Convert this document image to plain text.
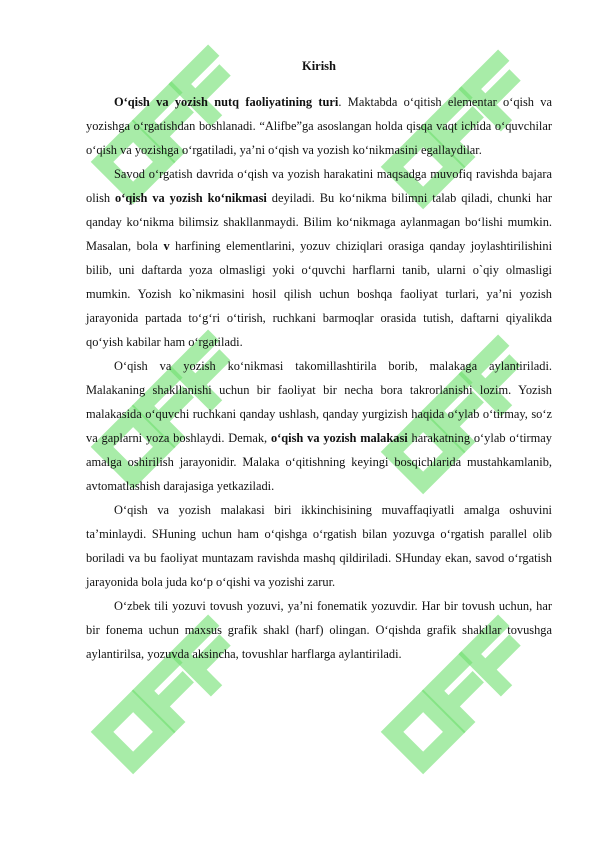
Kirish

O‘qish va yozish nutq faoliyatining turi. Maktabda o‘qitish elementar o‘qish va yozishga o‘rgatishdan boshlanadi. “Alifbe”ga asoslangan holda qisqa vaqt ichida o‘quvchilar o‘qish va yozishga o‘rgatiladi, ya’ni o‘qish va yozish ko‘nikmasini egallaydilar.

Savod o‘rgatish davrida o‘qish va yozish harakatini maqsadga muvofiq ravishda bajara olish o‘qish va yozish ko‘nikmasi deyiladi. Bu ko‘nikma bilimni talab qiladi, chunki har qanday ko‘nikma bilimsiz shakllanmaydi. Bilim ko‘nikmaga aylanmagan bo‘lishi mumkin. Masalan, bola v harfining elementlarini, yozuv chiziqlari orasiga qanday joylashtirilishini bilib, uni daftarda yoza olmasligi yoki o‘quvchi harflarni tanib, ularni o`qiy olmasligi mumkin. Yozish ko`nikmasini hosil qilish uchun boshqa faoliyat turlari, ya’ni yozish jarayonida partada to‘g‘ri o‘tirish, ruchkani barmoqlar orasida tutish, daftarni qiyalikda qo‘yish kabilar ham o‘rgatiladi.

O‘qish va yozish ko‘nikmasi takomillashtirila borib, malakaga aylantiriladi. Malakaning shakllanishi uchun bir faoliyat bir necha bora takrorlanishi lozim. Yozish malakasida o‘quvchi ruchkani qanday ushlash, qanday yurgizish haqida o‘ylab o‘tirmay, so‘z va gaplarni yoza boshlaydi. Demak, o‘qish va yozish malakasi harakatning o‘ylab o‘tirmay amalga oshirilish jarayonidir. Malaka o‘qitishning keyingi bosqichlarida mustahkamlanib, avtomatlashish darajasiga yetkaziladi.

O‘qish va yozish malakasi biri ikkinchisining muvaffaqiyatli amalga oshuvini ta’minlaydi. SHuning uchun ham o‘qishga o‘rgatish bilan yozuvga o‘rgatish parallel olib boriladi va bu faoliyat muntazam ravishda mashq qildiriladi. SHunday ekan, savod o‘rgatish jarayonida bola juda ko‘p o‘qishi va yozishi zarur.

O‘zbek tili yozuvi tovush yozuvi, ya’ni fonematik yozuvdir. Har bir tovush uchun, har bir fonema uchun maxsus grafik shakl (harf) olingan. O‘qishda grafik shakllar tovushga aylantirilsa, yozuvda aksincha, tovushlar harflarga aylantiriladi.
